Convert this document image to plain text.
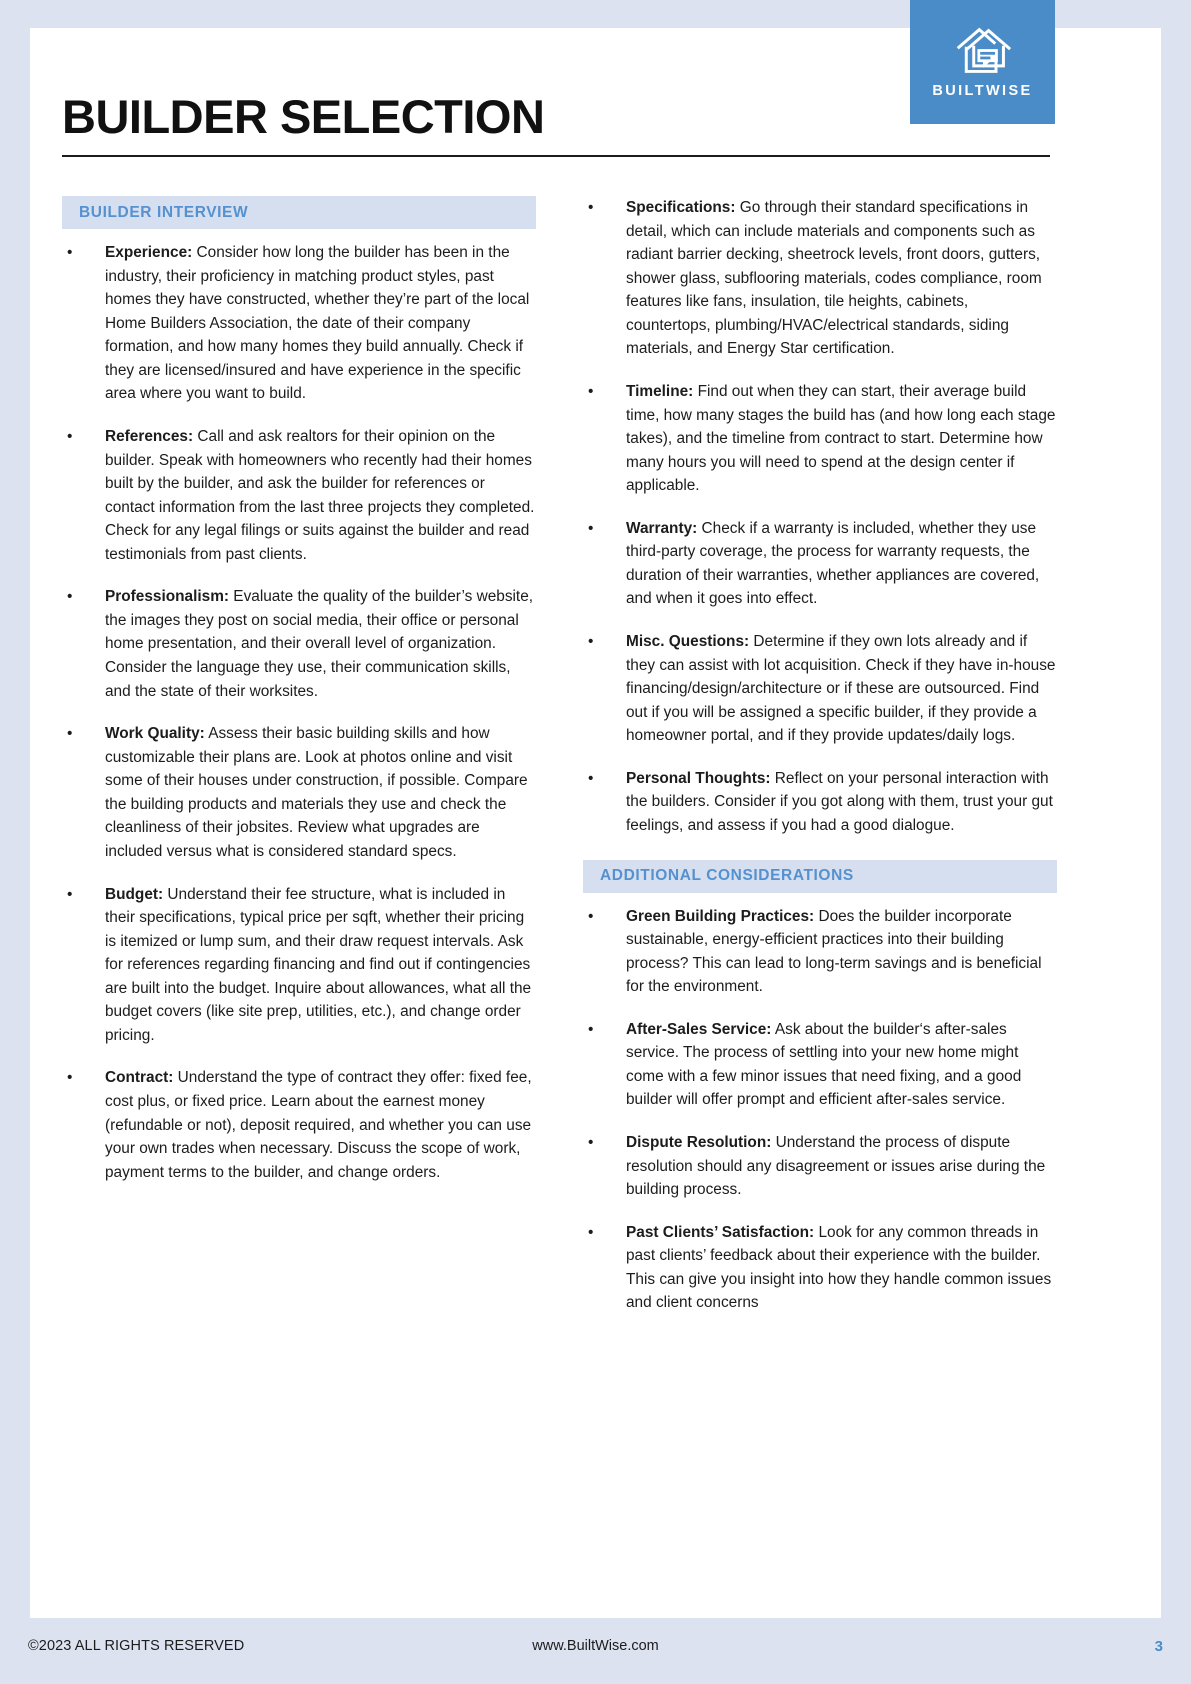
BUILTWISE
BUILDER SELECTION
BUILDER INTERVIEW
• Experience: Consider how long the builder has been in the industry, their proficiency in matching product styles, past homes they have constructed, whether they’re part of the local Home Builders Association, the date of their company formation, and how many homes they build annually. Check if they are licensed/insured and have experience in the specific area where you want to build.
• References: Call and ask realtors for their opinion on the builder. Speak with homeowners who recently had their homes built by the builder, and ask the builder for references or contact information from the last three projects they completed. Check for any legal filings or suits against the builder and read testimonials from past clients.
• Professionalism: Evaluate the quality of the builder’s website, the images they post on social media, their office or personal home presentation, and their overall level of organization. Consider the language they use, their communication skills, and the state of their worksites.
• Work Quality: Assess their basic building skills and how customizable their plans are. Look at photos online and visit some of their houses under construction, if possible. Compare the building products and materials they use and check the cleanliness of their jobsites. Review what upgrades are included versus what is considered standard specs.
• Budget: Understand their fee structure, what is included in their specifications, typical price per sqft, whether their pricing is itemized or lump sum, and their draw request intervals. Ask for references regarding financing and find out if contingencies are built into the budget. Inquire about allowances, what all the budget covers (like site prep, utilities, etc.), and change order pricing.
• Contract: Understand the type of contract they offer: fixed fee, cost plus, or fixed price. Learn about the earnest money (refundable or not), deposit required, and whether you can use your own trades when necessary. Discuss the scope of work, payment terms to the builder, and change orders.
• Specifications: Go through their standard specifications in detail, which can include materials and components such as radiant barrier decking, sheetrock levels, front doors, gutters, shower glass, subflooring materials, codes compliance, room features like fans, insulation, tile heights, cabinets, countertops, plumbing/HVAC/electrical standards, siding materials, and Energy Star certification.
• Timeline: Find out when they can start, their average build time, how many stages the build has (and how long each stage takes), and the timeline from contract to start. Determine how many hours you will need to spend at the design center if applicable.
• Warranty: Check if a warranty is included, whether they use third-party coverage, the process for warranty requests, the duration of their warranties, whether appliances are covered, and when it goes into effect.
• Misc. Questions: Determine if they own lots already and if they can assist with lot acquisition. Check if they have in-house financing/design/architecture or if these are outsourced. Find out if you will be assigned a specific builder, if they provide a homeowner portal, and if they provide updates/daily logs.
• Personal Thoughts: Reflect on your personal interaction with the builders. Consider if you got along with them, trust your gut feelings, and assess if you had a good dialogue.
ADDITIONAL CONSIDERATIONS
• Green Building Practices: Does the builder incorporate sustainable, energy-efficient practices into their building process? This can lead to long-term savings and is beneficial for the environment.
• After-Sales Service: Ask about the builder‘s after-sales service. The process of settling into your new home might come with a few minor issues that need fixing, and a good builder will offer prompt and efficient after-sales service.
• Dispute Resolution: Understand the process of dispute resolution should any disagreement or issues arise during the building process.
• Past Clients’ Satisfaction: Look for any common threads in past clients’ feedback about their experience with the builder. This can give you insight into how they handle common issues and client concerns
©2023 ALL RIGHTS RESERVED	www.BuiltWise.com	3
